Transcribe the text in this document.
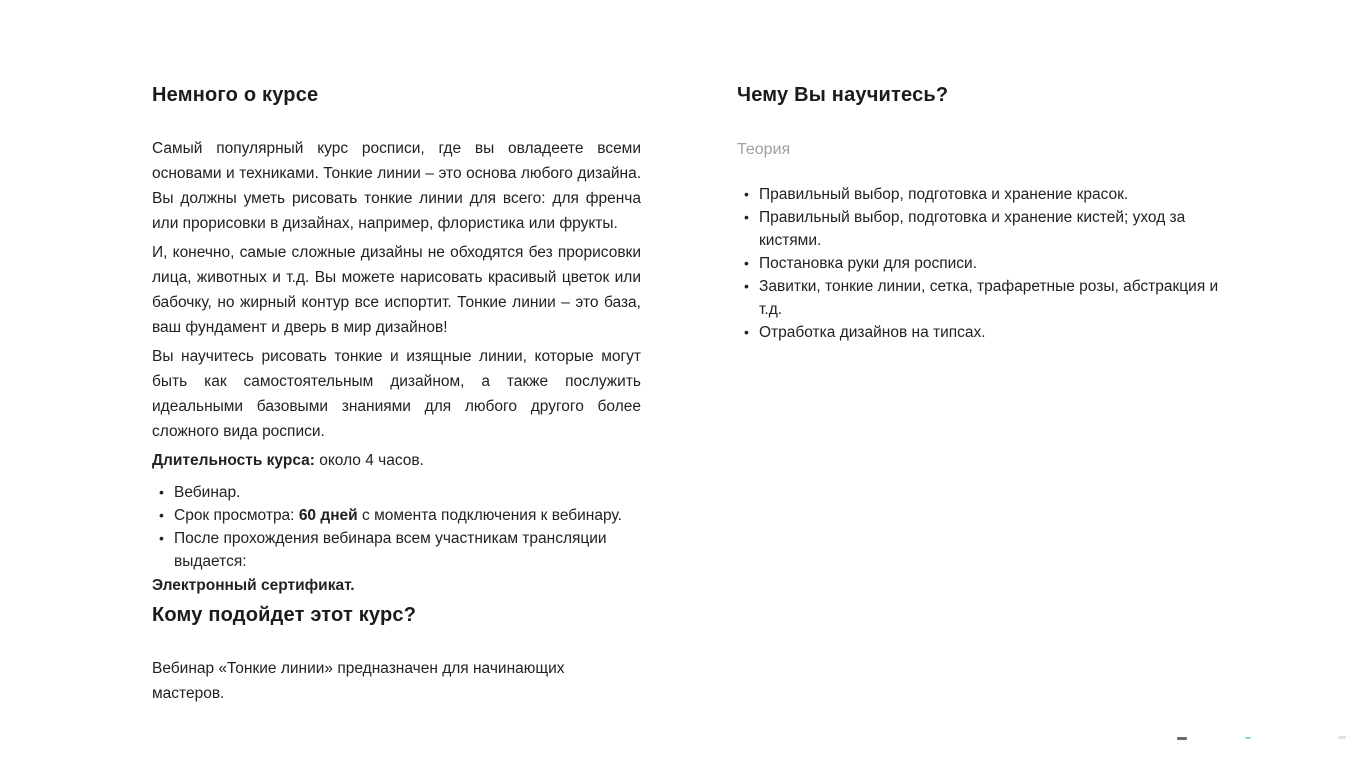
Немного о курсе

Самый популярный курс росписи, где вы овладеете всеми основами и техниками. Тонкие линии – это основа любого дизайна. Вы должны уметь рисовать тонкие линии для всего: для френча или прорисовки в дизайнах, например, флористика или фрукты.

И, конечно, самые сложные дизайны не обходятся без прорисовки лица, животных и т.д. Вы можете нарисовать красивый цветок или бабочку, но жирный контур все испортит. Тонкие линии – это база, ваш фундамент и дверь в мир дизайнов!

Вы научитесь рисовать тонкие и изящные линии, которые могут быть как самостоятельным дизайном, а также послужить идеальными базовыми знаниями для любого другого более сложного вида росписи.

Длительность курса: около 4 часов.

• Вебинар.
• Срок просмотра: 60 дней с момента подключения к вебинару.
• После прохождения вебинара всем участникам трансляции выдается:

Электронный сертификат.

Кому подойдет этот курс?

Вебинар «Тонкие линии» предназначен для начинающих мастеров.

Чему Вы научитесь?
Теория
• Правильный выбор, подготовка и хранение красок.
• Правильный выбор, подготовка и хранение кистей; уход за кистями.
• Постановка руки для росписи.
• Завитки, тонкие линии, сетка, трафаретные розы, абстракция и т.д.
• Отработка дизайнов на типсах.
